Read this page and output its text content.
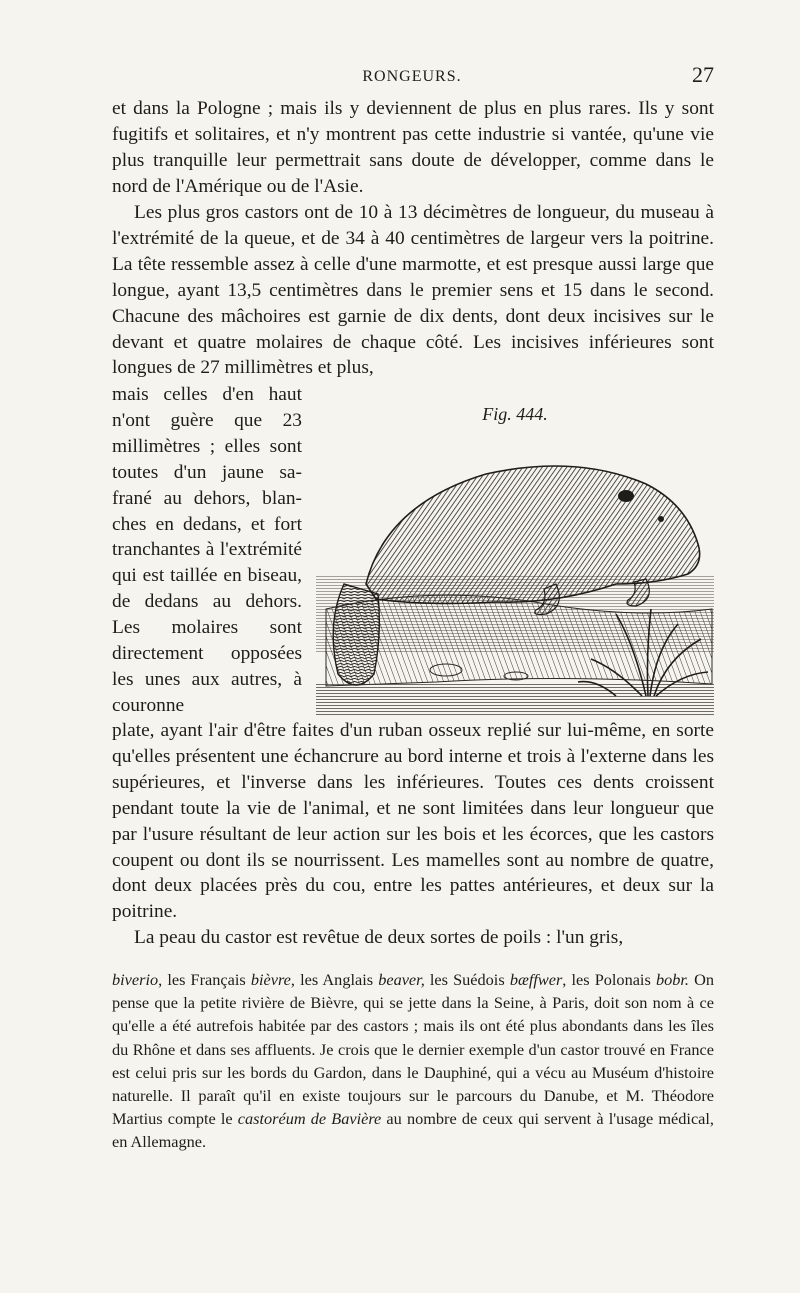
RONGEURS.	27

et dans la Pologne ; mais ils y deviennent de plus en plus rares. Ils y sont fugitifs et solitaires, et n'y montrent pas cette industrie si vantée, qu'une vie plus tranquille leur permettrait sans doute de développer, comme dans le nord de l'Amérique ou de l'Asie.

Les plus gros castors ont de 10 à 13 décimètres de longueur, du museau à l'extrémité de la queue, et de 34 à 40 centimètres de largeur vers la poitrine. La tête ressemble assez à celle d'une marmotte, et est presque aussi large que longue, ayant 13,5 centimètres dans le premier sens et 15 dans le second. Chacune des mâchoires est garnie de dix dents, dont deux incisives sur le devant et quatre molaires de chaque côté. Les incisives inférieures sont longues de 27 millimètres et plus,

mais celles d'en haut n'ont guère que 23 millimètres ; elles sont toutes d'un jaune safrané au dehors, blanches en dedans, et fort tranchantes à l'extrémité qui est taillée en biseau, de dedans au dehors. Les molaires sont directement opposées les unes aux autres, à couronne

Fig. 444.

plate, ayant l'air d'être faites d'un ruban osseux replié sur lui-même, en sorte qu'elles présentent une échancrure au bord interne et trois à l'externe dans les supérieures, et l'inverse dans les inférieures. Toutes ces dents croissent pendant toute la vie de l'animal, et ne sont limitées dans leur longueur que par l'usure résultant de leur action sur les bois et les écorces, que les castors coupent ou dont ils se nourrissent. Les mamelles sont au nombre de quatre, dont deux placées près du cou, entre les pattes antérieures, et deux sur la poitrine.

La peau du castor est revêtue de deux sortes de poils : l'un gris,

biverio, les Français bièvre, les Anglais beaver, les Suédois bæffwer, les Polonais bobr. On pense que la petite rivière de Bièvre, qui se jette dans la Seine, à Paris, doit son nom à ce qu'elle a été autrefois habitée par des castors ; mais ils ont été plus abondants dans les îles du Rhône et dans ses affluents. Je crois que le dernier exemple d'un castor trouvé en France est celui pris sur les bords du Gardon, dans le Dauphiné, qui a vécu au Muséum d'histoire naturelle. Il paraît qu'il en existe toujours sur le parcours du Danube, et M. Théodore Martius compte le castoréum de Bavière au nombre de ceux qui servent à l'usage médical, en Allemagne.
